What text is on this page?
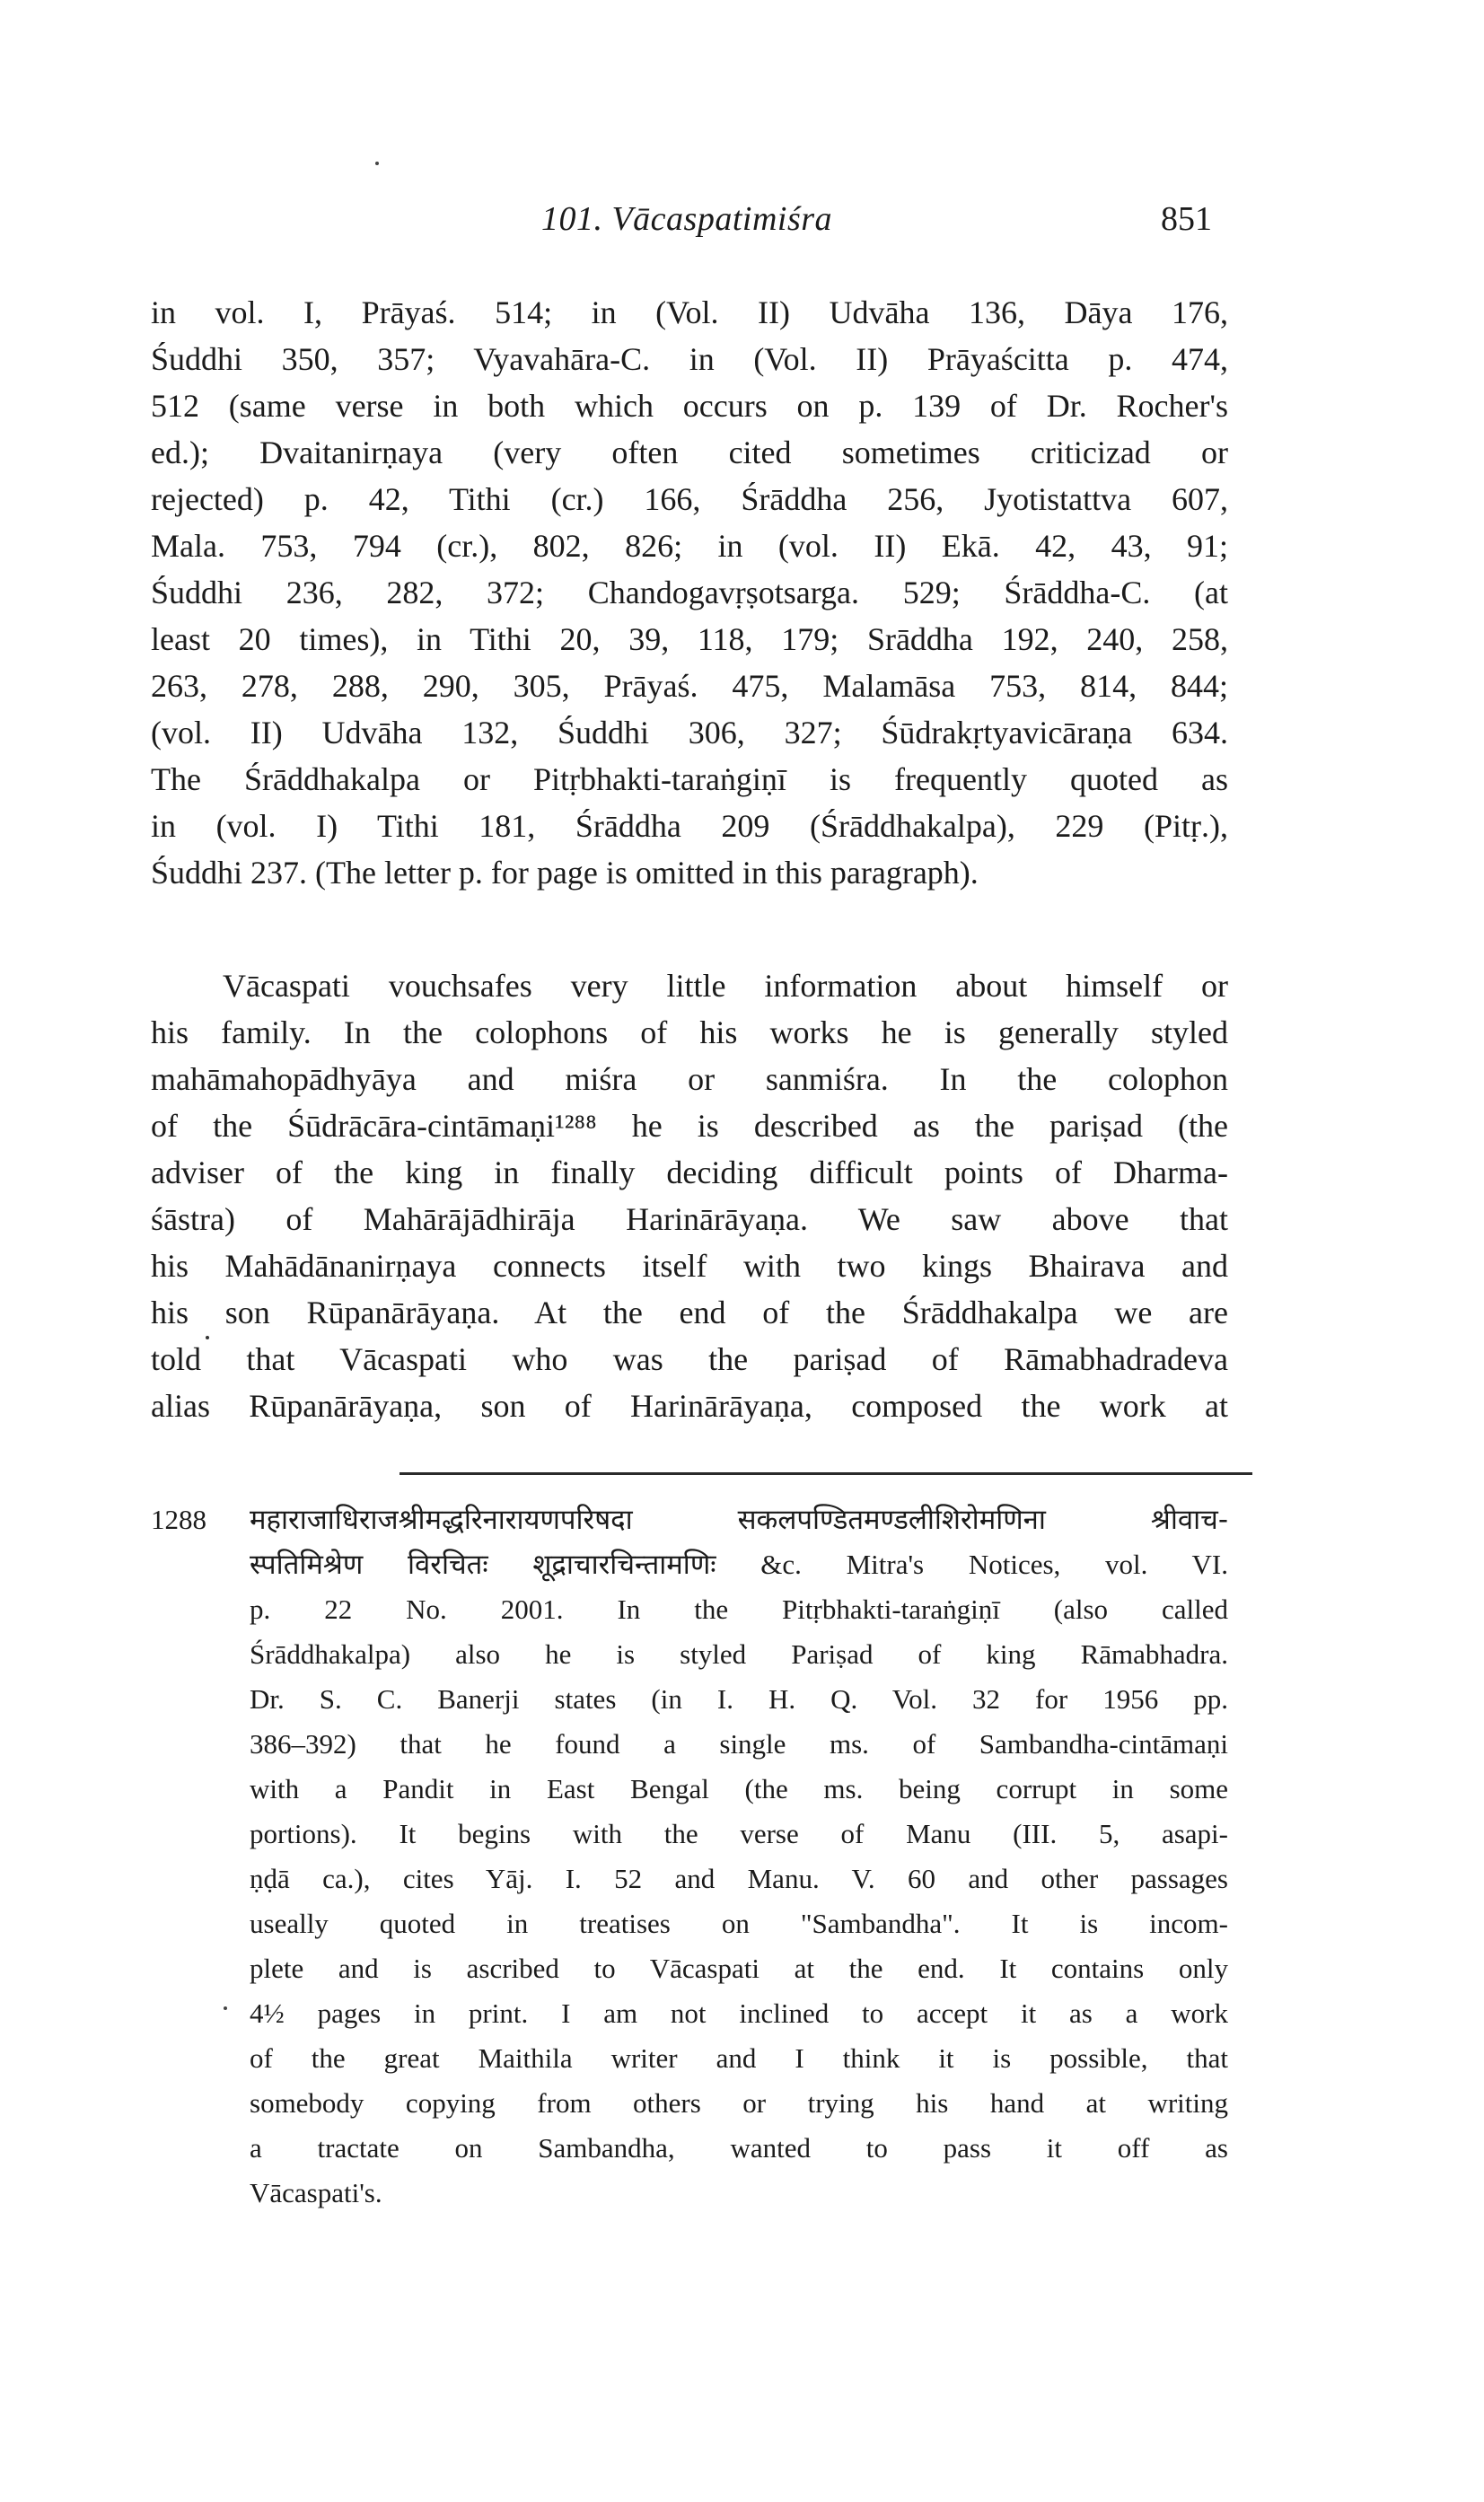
101. Vācaspatimiśra	851
in vol. I, Prāyaś. 514; in (Vol. II) Udvāha 136, Dāya 176,
Śuddhi 350, 357; Vyavahāra-C. in (Vol. II) Prāyaścitta p. 474,
512 (same verse in both which occurs on p. 139 of Dr. Rocher's
ed.); Dvaitanirṇaya (very often cited sometimes criticizad or
rejected) p. 42, Tithi (cr.) 166, Śrāddha 256, Jyotistattva 607,
Mala. 753, 794 (cr.), 802, 826; in (vol. II) Ekā. 42, 43, 91;
Śuddhi 236, 282, 372; Chandogavṛṣotsarga. 529; Śrāddha-C. (at
least 20 times), in Tithi 20, 39, 118, 179; Srāddha 192, 240, 258,
263, 278, 288, 290, 305, Prāyaś. 475, Malamāsa 753, 814, 844;
(vol. II) Udvāha 132, Śuddhi 306, 327; Śūdrakṛtyavicāraṇa 634.
The Śrāddhakalpa or Pitṛbhakti-taraṅgiṇī is frequently quoted as
in (vol. I) Tithi 181, Śrāddha 209 (Śrāddhakalpa), 229 (Pitṛ.),
Śuddhi 237. (The letter p. for page is omitted in this paragraph).
Vācaspati vouchsafes very little information about himself or
his family. In the colophons of his works he is generally styled
mahāmahopādhyāya and miśra or sanmiśra. In the colophon
of the Śūdrācāra-cintāmaṇi¹²⁸⁸ he is described as the pariṣad (the
adviser of the king in finally deciding difficult points of Dharma-
śāstra) of Mahārājādhirāja Harinārāyaṇa. We saw above that
his Mahādānanirṇaya connects itself with two kings Bhairava and
his son Rūpanārāyaṇa. At the end of the Śrāddhakalpa we are
told that Vācaspati who was the pariṣad of Rāmabhadradeva
alias Rūpanārāyaṇa, son of Harinārāyaṇa, composed the work at
1288 महाराजाधिराजश्रीमद्धरिनारायणपरिषदा सकलपण्डितमण्डलीशिरोमणिना श्रीवाच-
स्पतिमिश्रेण विरचितः शूद्राचारचिन्तामणिः &c. Mitra's Notices, vol. VI.
p. 22 No. 2001. In the Pitṛbhakti-taraṅgiṇī (also called
Śrāddhakalpa) also he is styled Pariṣad of king Rāmabhadra.
Dr. S. C. Banerji states (in I. H. Q. Vol. 32 for 1956 pp.
386–392) that he found a single ms. of Sambandha-cintāmaṇi
with a Pandit in East Bengal (the ms. being corrupt in some
portions). It begins with the verse of Manu (III. 5, asapi-
ṇḍā ca.), cites Yāj. I. 52 and Manu. V. 60 and other passages
useally quoted in treatises on "Sambandha". It is incom-
plete and is ascribed to Vācaspati at the end. It contains only
4½ pages in print. I am not inclined to accept it as a work
of the great Maithila writer and I think it is possible, that
somebody copying from others or trying his hand at writing
a tractate on Sambandha, wanted to pass it off as
Vācaspati's.
